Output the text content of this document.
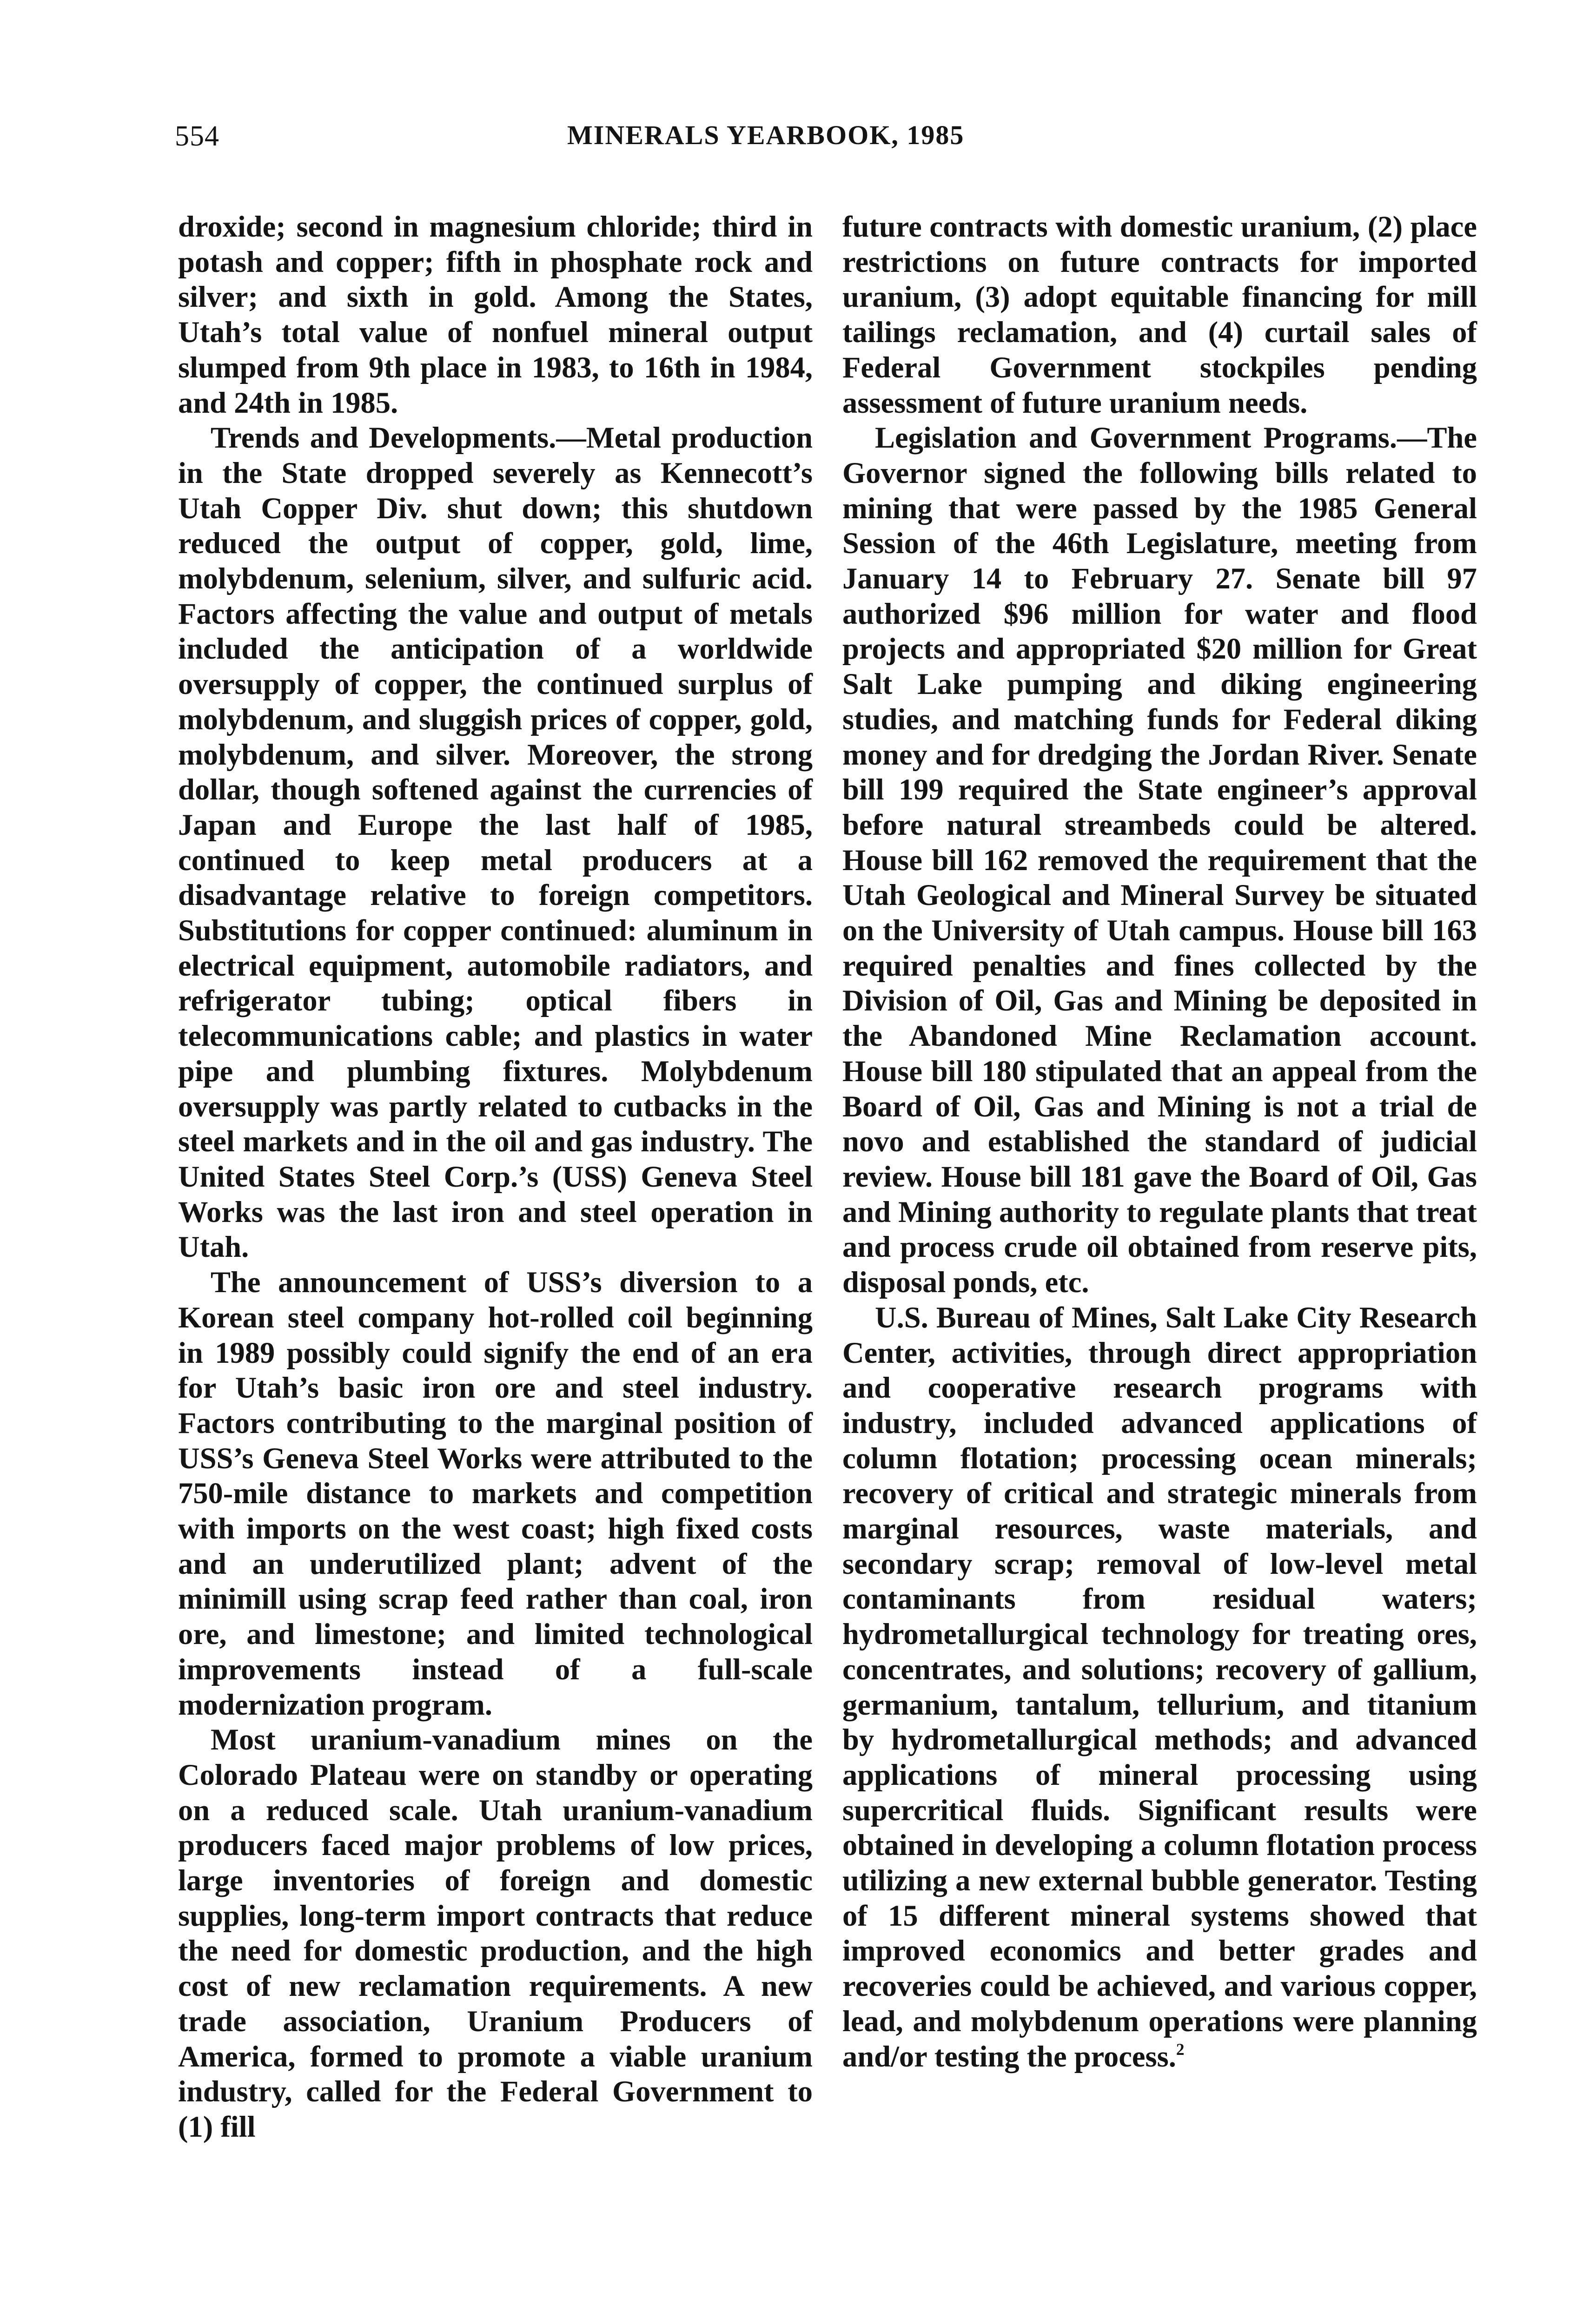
554	MINERALS YEARBOOK, 1985

droxide; second in magnesium chloride; third in potash and copper; fifth in phosphate rock and silver; and sixth in gold. Among the States, Utah’s total value of nonfuel mineral output slumped from 9th place in 1983, to 16th in 1984, and 24th in 1985.

Trends and Developments.—Metal production in the State dropped severely as Kennecott’s Utah Copper Div. shut down; this shutdown reduced the output of copper, gold, lime, molybdenum, selenium, silver, and sulfuric acid. Factors affecting the value and output of metals included the anticipation of a worldwide oversupply of copper, the continued surplus of molybdenum, and sluggish prices of copper, gold, molybdenum, and silver. Moreover, the strong dollar, though softened against the currencies of Japan and Europe the last half of 1985, continued to keep metal producers at a disadvantage relative to foreign competitors. Substitutions for copper continued: aluminum in electrical equipment, automobile radiators, and refrigerator tubing; optical fibers in telecommunications cable; and plastics in water pipe and plumbing fixtures. Molybdenum oversupply was partly related to cutbacks in the steel markets and in the oil and gas industry. The United States Steel Corp.’s (USS) Geneva Steel Works was the last iron and steel operation in Utah.

The announcement of USS’s diversion to a Korean steel company hot-rolled coil beginning in 1989 possibly could signify the end of an era for Utah’s basic iron ore and steel industry. Factors contributing to the marginal position of USS’s Geneva Steel Works were attributed to the 750-mile distance to markets and competition with imports on the west coast; high fixed costs and an underutilized plant; advent of the minimill using scrap feed rather than coal, iron ore, and limestone; and limited technological improvements instead of a full-scale modernization program.

Most uranium-vanadium mines on the Colorado Plateau were on standby or operating on a reduced scale. Utah uranium-vanadium producers faced major problems of low prices, large inventories of foreign and domestic supplies, long-term import contracts that reduce the need for domestic production, and the high cost of new reclamation requirements. A new trade association, Uranium Producers of America, formed to promote a viable uranium industry, called for the Federal Government to (1) fill

future contracts with domestic uranium, (2) place restrictions on future contracts for imported uranium, (3) adopt equitable financing for mill tailings reclamation, and (4) curtail sales of Federal Government stockpiles pending assessment of future uranium needs.

Legislation and Government Programs.—The Governor signed the following bills related to mining that were passed by the 1985 General Session of the 46th Legislature, meeting from January 14 to February 27. Senate bill 97 authorized $96 million for water and flood projects and appropriated $20 million for Great Salt Lake pumping and diking engineering studies, and matching funds for Federal diking money and for dredging the Jordan River. Senate bill 199 required the State engineer’s approval before natural streambeds could be altered. House bill 162 removed the requirement that the Utah Geological and Mineral Survey be situated on the University of Utah campus. House bill 163 required penalties and fines collected by the Division of Oil, Gas and Mining be deposited in the Abandoned Mine Reclamation account. House bill 180 stipulated that an appeal from the Board of Oil, Gas and Mining is not a trial de novo and established the standard of judicial review. House bill 181 gave the Board of Oil, Gas and Mining authority to regulate plants that treat and process crude oil obtained from reserve pits, disposal ponds, etc.

U.S. Bureau of Mines, Salt Lake City Research Center, activities, through direct appropriation and cooperative research programs with industry, included advanced applications of column flotation; processing ocean minerals; recovery of critical and strategic minerals from marginal resources, waste materials, and secondary scrap; removal of low-level metal contaminants from residual waters; hydrometallurgical technology for treating ores, concentrates, and solutions; recovery of gallium, germanium, tantalum, tellurium, and titanium by hydrometallurgical methods; and advanced applications of mineral processing using supercritical fluids. Significant results were obtained in developing a column flotation process utilizing a new external bubble generator. Testing of 15 different mineral systems showed that improved economics and better grades and recoveries could be achieved, and various copper, lead, and molybdenum operations were planning and/or testing the process.$^2$
